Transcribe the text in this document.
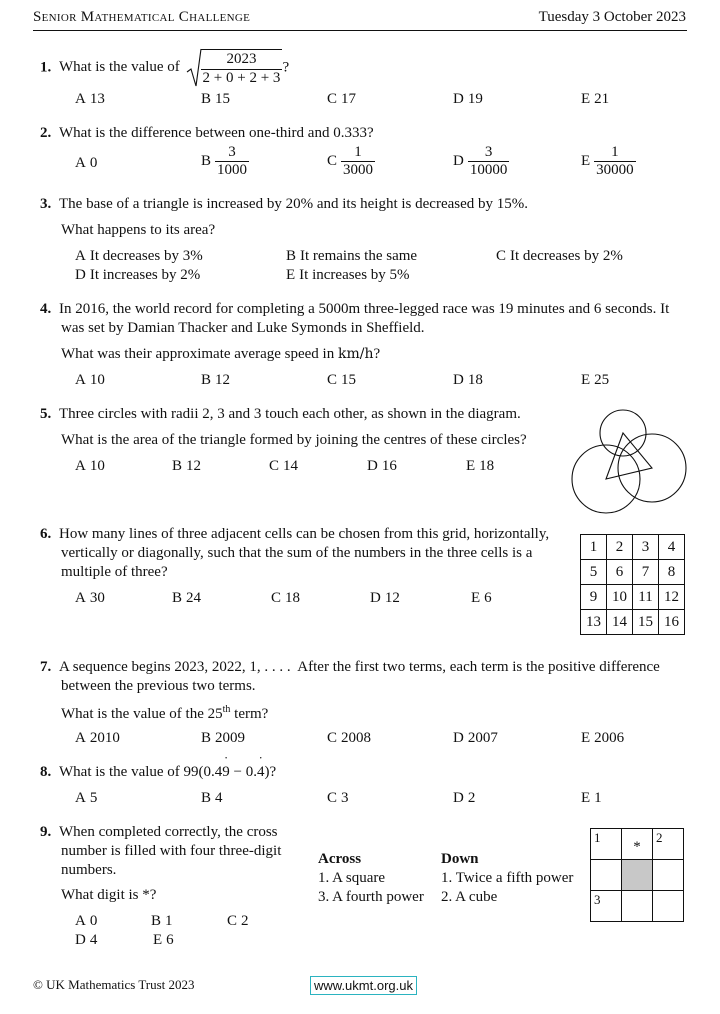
Senior Mathematical Challenge	Tuesday 3 October 2023
1. What is the value of $\frac{2023}{2 + 0 + 2 + 3}$ ?
A 13	B 15	C 17	D 19	E 21
2. What is the difference between one-third and 0.333?
A 0	B $\frac{3}{1000}$	C $\frac{1}{3000}$	D $\frac{3}{10000}$	E $\frac{1}{30000}$
3. The base of a triangle is increased by 20% and its height is decreased by 15%.
What happens to its area?
A It decreases by 3%	B It remains the same	C It decreases by 2%
D It increases by 2%	E It increases by 5%
4. In 2016, the world record for completing a 5000m three-legged race was 19 minutes and 6 seconds. It
was set by Damian Thacker and Luke Symonds in Sheffield.
What was their approximate average speed in km/h?
A 10	B 12	C 15	D 18	E 25
5. Three circles with radii 2, 3 and 3 touch each other, as shown in the diagram.
What is the area of the triangle formed by joining the centres of these circles?
A 10	B 12	C 14	D 16	E 18
6. How many lines of three adjacent cells can be chosen from this grid, horizontally,
vertically or diagonally, such that the sum of the numbers in the three cells is a
multiple of three?
A 30	B 24	C 18	D 12	E 6
1	2	3	4
5	6	7	8
9	10	11	12
13	14	15	16
7. A sequence begins 2023, 2022, 1, . . . .  After the first two terms, each term is the positive difference
between the previous two terms.
What is the value of the 25th term?
A 2010	B 2009	C 2008	D 2007	E 2006
8. What is the value of 99(0.49 ˙ − 0.4 ˙)?
A 5	B 4	C 3	D 2	E 1
9. When completed correctly, the cross
number is filled with four three-digit
numbers.
What digit is *?
A 0	B 1	C 2
D 4	E 6
Across
1. A square
3. A fourth power
Down
1. Twice a fifth power
2. A cube
1	*	2

3		

© UK Mathematics Trust 2023	www.ukmt.org.uk
